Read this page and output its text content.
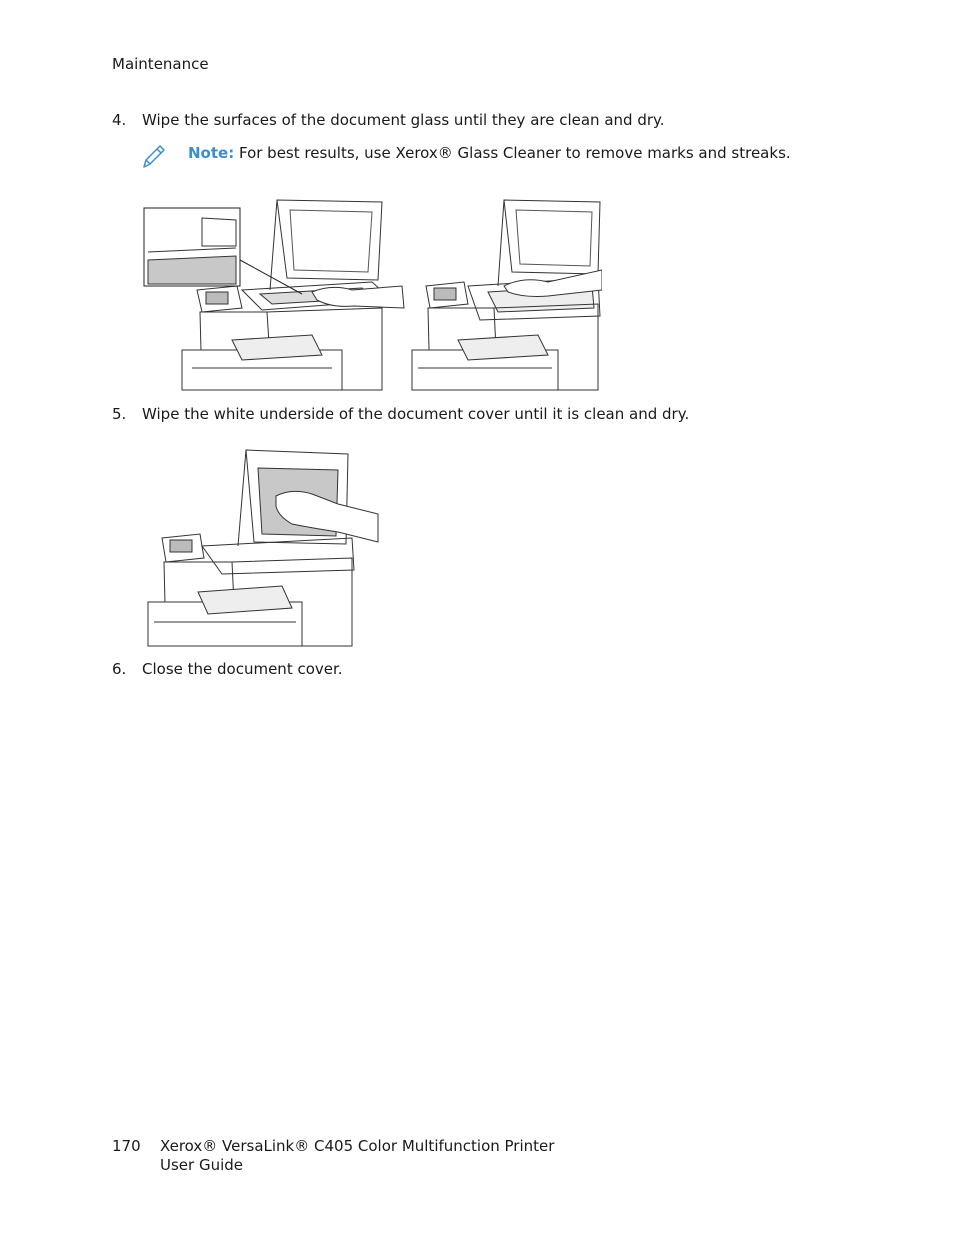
Maintenance
4.	Wipe the surfaces of the document glass until they are clean and dry.
Note: For best results, use Xerox® Glass Cleaner to remove marks and streaks.
5.	Wipe the white underside of the document cover until it is clean and dry.
6.	Close the document cover.
170 Xerox® VersaLink® C405 Color Multifunction Printer
User Guide
